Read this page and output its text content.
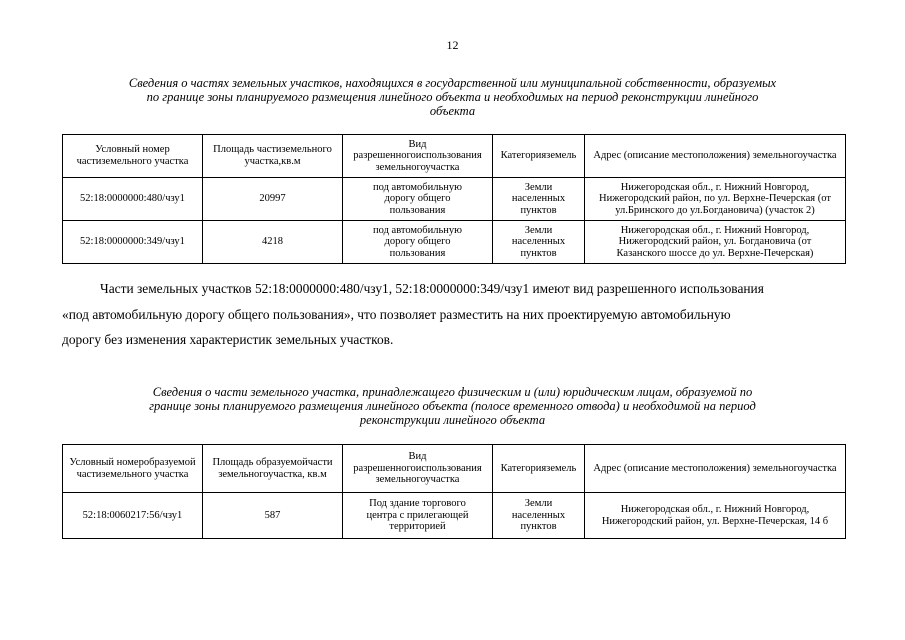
12
Сведения о частях земельных участков, находящихся в государственной или муниципальной собственности, образуемых
по границе зоны планируемого размещения линейного объекта и необходимых на период реконструкции линейного
объекта
Условный номер частиземельного участка	Площадь частиземельного участка,кв.м	Вид разрешенногоиспользования земельногоучастка	Категорияземель	Адрес (описание местоположения) земельногоучастка

52:18:0000000:480/чзу1	20997	под автомобильную
дорогу общего
пользования	Земли
населенных
пунктов	Нижегородская обл., г. Нижний Новгород,
Нижегородский район, по ул. Верхне-Печерская (от
ул.Бринского до ул.Богдановича) (участок 2)

52:18:0000000:349/чзу1	4218	под автомобильную
дорогу общего
пользования	Земли
населенных
пунктов	Нижегородская обл., г. Нижний Новгород,
Нижегородский район, ул. Богдановича (от
Казанского шоссе до ул. Верхне-Печерская)
Части земельных участков 52:18:0000000:480/чзу1, 52:18:0000000:349/чзу1 имеют вид разрешенного использования
«под автомобильную дорогу общего пользования», что позволяет разместить на них проектируемую автомобильную
дорогу без изменения характеристик земельных участков.
Сведения о части земельного участка, принадлежащего физическим и (или) юридическим лицам, образуемой по
границе зоны планируемого размещения линейного объекта (полосе временного отвода) и необходимой на период
реконструкции линейного объекта
Условный номеробразуемой частиземельного участка	Площадь образуемойчасти земельногоучастка, кв.м	Вид разрешенногоиспользования земельногоучастка	Категорияземель	Адрес (описание местоположения) земельногоучастка

52:18:0060217:56/чзу1	587	Под здание торгового
центра с прилегающей
территорией	Земли
населенных
пунктов	Нижегородская обл., г. Нижний Новгород,
Нижегородский район, ул. Верхне-Печерская, 14 б
